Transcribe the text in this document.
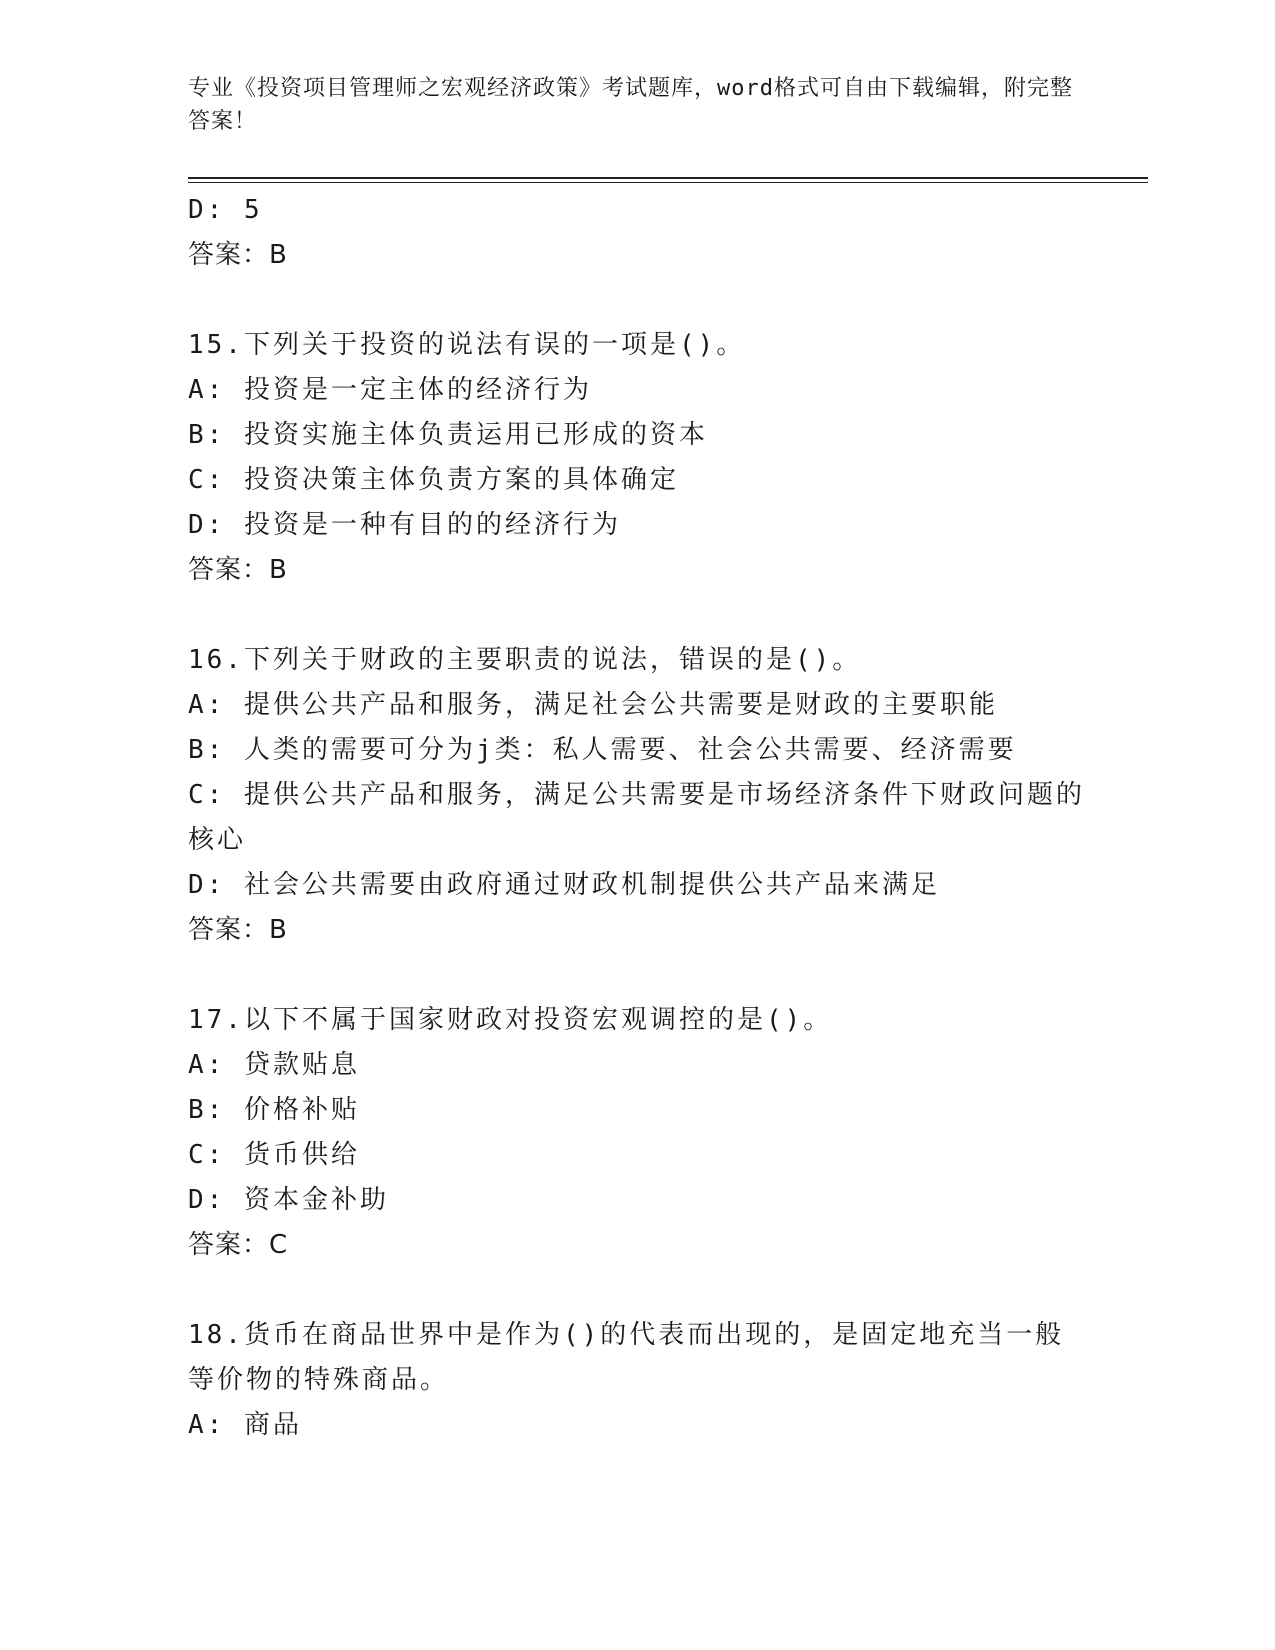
专业《投资项目管理师之宏观经济政策》考试题库，word格式可自由下载编辑，附完整答案！
D: 5
答案：B
15.下列关于投资的说法有误的一项是()。
A: 投资是一定主体的经济行为
B: 投资实施主体负责运用已形成的资本
C: 投资决策主体负责方案的具体确定
D: 投资是一种有目的的经济行为
答案：B
16.下列关于财政的主要职责的说法，错误的是()。
A: 提供公共产品和服务，满足社会公共需要是财政的主要职能
B: 人类的需要可分为j类：私人需要、社会公共需要、经济需要
C: 提供公共产品和服务，满足公共需要是市场经济条件下财政问题的核心
D: 社会公共需要由政府通过财政机制提供公共产品来满足
答案：B
17.以下不属于国家财政对投资宏观调控的是()。
A: 贷款贴息
B: 价格补贴
C: 货币供给
D: 资本金补助
答案：C
18.货币在商品世界中是作为()的代表而出现的，是固定地充当一般等价物的特殊商品。
A: 商品
